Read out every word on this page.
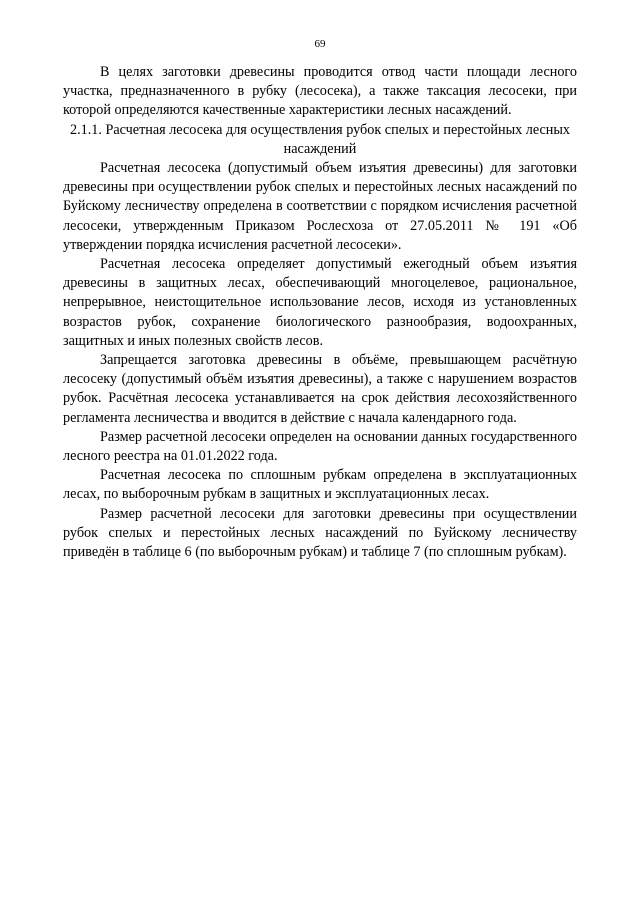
69

В целях заготовки древесины проводится отвод части площади лесного участка, предназначенного в рубку (лесосека), а также таксация лесосеки, при которой определяются качественные характеристики лесных насаждений.

2.1.1. Расчетная лесосека для осуществления рубок спелых и перестойных лесных насаждений

Расчетная лесосека (допустимый объем изъятия древесины) для заготовки древесины при осуществлении рубок спелых и перестойных лесных насаждений по Буйскому лесничеству определена в соответствии с порядком исчисления расчетной лесосеки, утвержденным Приказом Рослесхоза от 27.05.2011 № 191 «Об утверждении порядка исчисления расчетной лесосеки».

Расчетная лесосека определяет допустимый ежегодный объем изъятия древесины в защитных лесах, обеспечивающий многоцелевое, рациональное, непрерывное, неистощительное использование лесов, исходя из установленных возрастов рубок, сохранение биологического разнообразия, водоохранных, защитных и иных полезных свойств лесов.

Запрещается заготовка древесины в объёме, превышающем расчётную лесосеку (допустимый объём изъятия древесины), а также с нарушением возрастов рубок. Расчётная лесосека устанавливается на срок действия лесохозяйственного регламента лесничества и вводится в действие с начала календарного года.

Размер расчетной лесосеки определен на основании данных государственного лесного реестра на 01.01.2022 года.

Расчетная лесосека по сплошным рубкам определена в эксплуатационных лесах, по выборочным рубкам в защитных и эксплуатационных лесах.

Размер расчетной лесосеки для заготовки древесины при осуществлении рубок спелых и перестойных лесных насаждений по Буйскому лесничеству приведён в таблице 6 (по выборочным рубкам) и таблице 7 (по сплошным рубкам).
